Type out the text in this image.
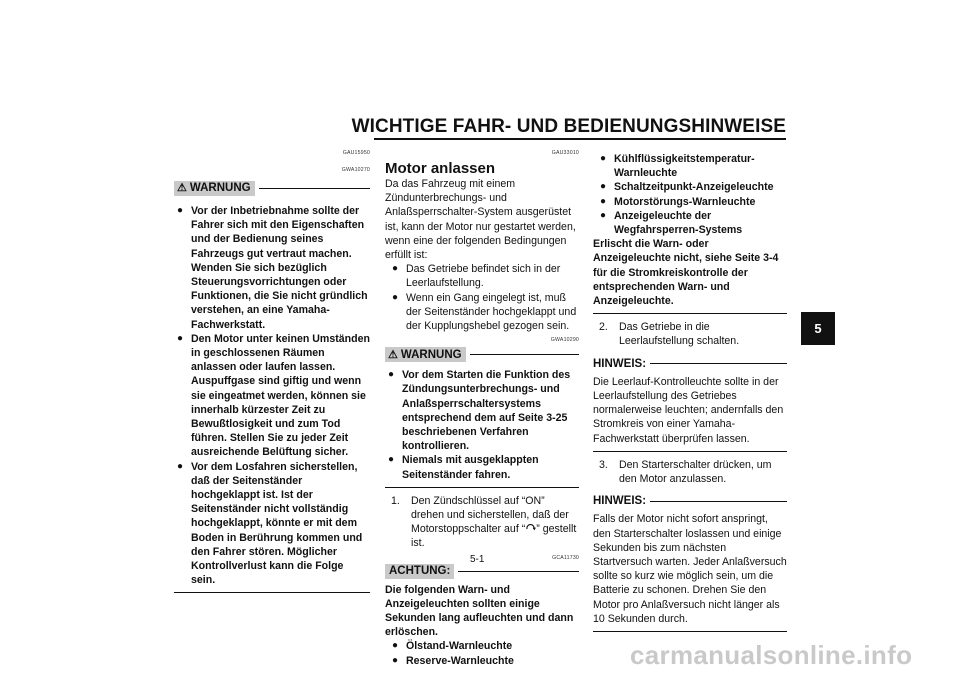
WICHTIGE FAHR- UND BEDIENUNGSHINWEISE
5
GAU15950
GWA10270
⚠ WARNUNG
● Vor der Inbetriebnahme sollte der Fahrer sich mit den Eigenschaften und der Bedienung seines Fahrzeugs gut vertraut machen. Wenden Sie sich bezüglich Steuerungsvorrichtungen oder Funktionen, die Sie nicht gründlich verstehen, an eine Yamaha-Fachwerkstatt.
● Den Motor unter keinen Umständen in geschlossenen Räumen anlassen oder laufen lassen. Auspuffgase sind giftig und wenn sie eingeatmet werden, können sie innerhalb kürzester Zeit zu Bewußtlosigkeit und zum Tod führen. Stellen Sie zu jeder Zeit ausreichende Belüftung sicher.
● Vor dem Losfahren sicherstellen, daß der Seitenständer hochgeklappt ist. Ist der Seitenständer nicht vollständig hochgeklappt, könnte er mit dem Boden in Berührung kommen und den Fahrer stören. Möglicher Kontrollverlust kann die Folge sein.
GAU33010
Motor anlassen
Da das Fahrzeug mit einem Zündunterbrechungs- und Anlaßsperrschalter-System ausgerüstet ist, kann der Motor nur gestartet werden, wenn eine der folgenden Bedingungen erfüllt ist:
● Das Getriebe befindet sich in der Leerlaufstellung.
● Wenn ein Gang eingelegt ist, muß der Seitenständer hochgeklappt und der Kupplungshebel gezogen sein.
GWA10290
⚠ WARNUNG
● Vor dem Starten die Funktion des Zündungsunterbrechungs- und Anlaßsperrschaltersystems entsprechend dem auf Seite 3-25 beschriebenen Verfahren kontrollieren.
● Niemals mit ausgeklappten Seitenständer fahren.
1.	Den Zündschlüssel auf “ON” drehen und sicherstellen, daß der Motorstoppschalter auf “ ” gestellt ist.
GCA11730
ACHTUNG:
Die folgenden Warn- und Anzeigeleuchten sollten einige Sekunden lang aufleuchten und dann erlöschen.
● Ölstand-Warnleuchte
● Reserve-Warnleuchte
● Kühlflüssigkeitstemperatur-Warnleuchte
● Schaltzeitpunkt-Anzeigeleuchte
● Motorstörungs-Warnleuchte
● Anzeigeleuchte der Wegfahrsperren-Systems
Erlischt die Warn- oder Anzeigeleuchte nicht, siehe Seite 3-4 für die Stromkreiskontrolle der entsprechenden Warn- und Anzeigeleuchte.
2.	Das Getriebe in die Leerlaufstellung schalten.
HINWEIS:
Die Leerlauf-Kontrolleuchte sollte in der Leerlaufstellung des Getriebes normalerweise leuchten; andernfalls den Stromkreis von einer Yamaha-Fachwerkstatt überprüfen lassen.
3.	Den Starterschalter drücken, um den Motor anzulassen.
HINWEIS:
Falls der Motor nicht sofort anspringt, den Starterschalter loslassen und einige Sekunden bis zum nächsten Startversuch warten. Jeder Anlaßversuch sollte so kurz wie möglich sein, um die Batterie zu schonen. Drehen Sie den Motor pro Anlaßversuch nicht länger als 10 Sekunden durch.
5-1
carmanualsonline.info
